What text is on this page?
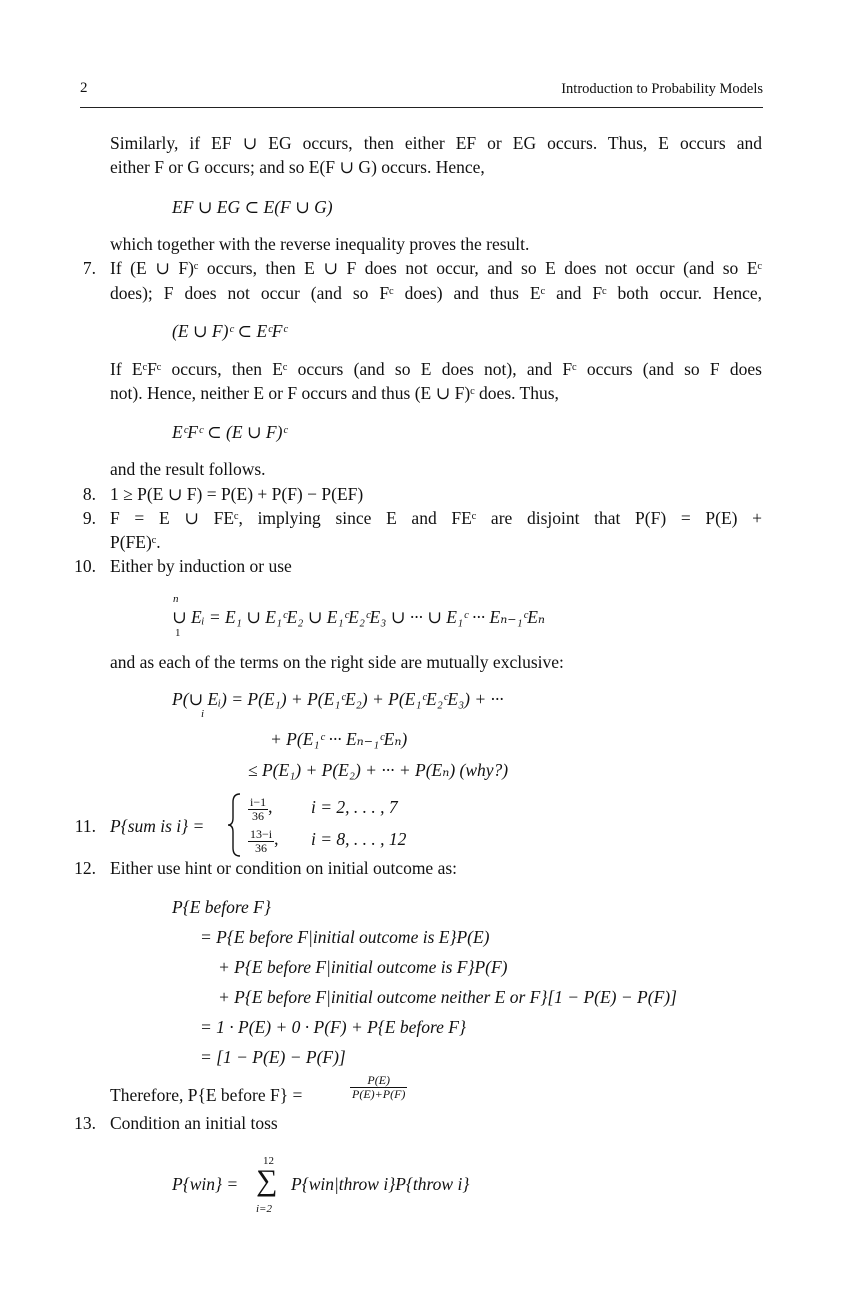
2	Introduction to Probability Models
Similarly, if EF ∪ EG occurs, then either EF or EG occurs. Thus, E occurs and
either F or G occurs; and so E(F ∪ G) occurs. Hence,
EF ∪ EG ⊂ E(F ∪ G)
which together with the reverse inequality proves the result.
7. If (E ∪ F)ᶜ occurs, then E ∪ F does not occur, and so E does not occur (and so Eᶜ
does); F does not occur (and so Fᶜ does) and thus Eᶜ and Fᶜ both occur. Hence,
(E ∪ F)ᶜ ⊂ EᶜFᶜ
If EᶜFᶜ occurs, then Eᶜ occurs (and so E does not), and Fᶜ occurs (and so F does
not). Hence, neither E or F occurs and thus (E ∪ F)ᶜ does. Thus,
EᶜFᶜ ⊂ (E ∪ F)ᶜ
and the result follows.
8. 1 ≥ P(E ∪ F) = P(E) + P(F) − P(EF)
9. F = E ∪ FEᶜ, implying since E and FEᶜ are disjoint that P(F) = P(E) +
P(FE)ᶜ.
10. Either by induction or use
n
∪ Eᵢ = E₁ ∪ E₁ᶜE₂ ∪ E₁ᶜE₂ᶜE₃ ∪ ··· ∪ E₁ᶜ ··· Eₙ₋₁ᶜEₙ
1
and as each of the terms on the right side are mutually exclusive:
P(∪ Eᵢ) = P(E₁) + P(E₁ᶜE₂) + P(E₁ᶜE₂ᶜE₃) + ···
i
+ P(E₁ᶜ ··· Eₙ₋₁ᶜEₙ)
≤ P(E₁) + P(E₂) + ··· + P(Eₙ) (why?)
11. P{sum is i} =
$\frac{i-1}{36}$ , i = 2, . . . , 7
$\frac{13-i}{36}$ , i = 8, . . . , 12
12. Either use hint or condition on initial outcome as:
P{E before F}
= P{E before F|initial outcome is E}P(E)
+ P{E before F|initial outcome is F}P(F)
+ P{E before F|initial outcome neither E or F}[1 − P(E) − P(F)]
= 1 · P(E) + 0 · P(F) + P{E before F}
= [1 − P(E) − P(F)]
Therefore, P{E before F} =	$\frac{P(E)}{P(E)+P(F)}$
13. Condition an initial toss
12
P{win} = ∑ P{win|throw i}P{throw i}
i=2
